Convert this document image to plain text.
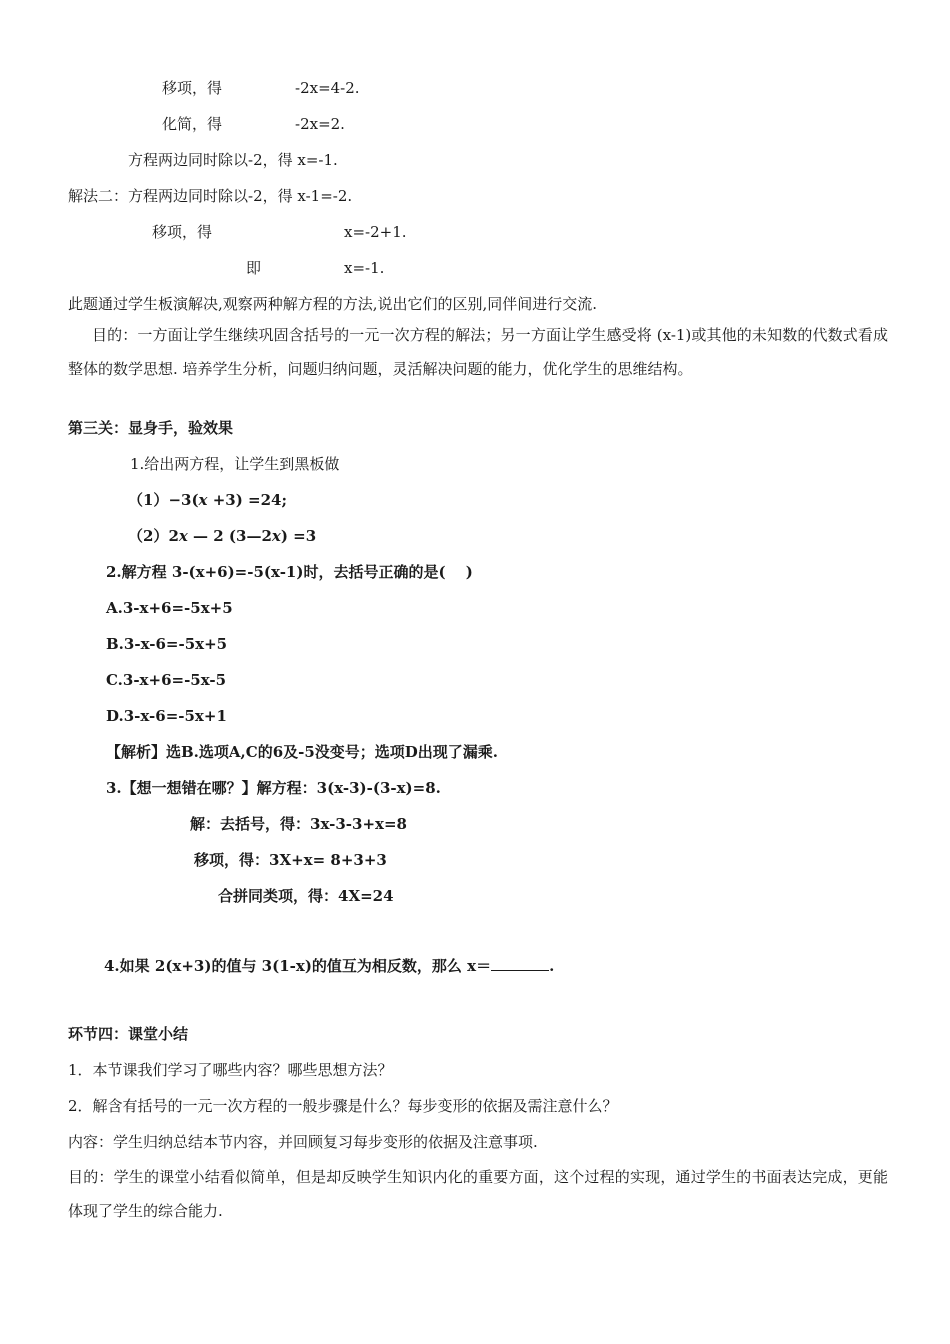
移项，得	-2x=4-2.
化简，得	-2x=2.
方程两边同时除以-2，得 x=-1.
解法二：方程两边同时除以-2，得 x-1=-2.
移项，得	x=-2+1.
即	x=-1.
此题通过学生板演解决,观察两种解方程的方法,说出它们的区别,同伴间进行交流.

目的：一方面让学生继续巩固含括号的一元一次方程的解法；另一方面让学生感受将 (x-1)或其他的未知数的代数式看成整体的数学思想. 培养学生分析，问题归纳问题，灵活解决问题的能力，优化学生的思维结构。

第三关：显身手，验效果
1.给出两方程，让学生到黑板做
（1）−3(x +3) =24;
（2）2x — 2 (3—2x) =3
2.解方程 3-(x+6)=-5(x-1)时，去括号正确的是(　 )
A.3-x+6=-5x+5
B.3-x-6=-5x+5
C.3-x+6=-5x-5
D.3-x-6=-5x+1
【解析】选B.选项A,C的6及-5没变号；选项D出现了漏乘.
3.【想一想错在哪？】解方程：3(x-3)-(3-x)=8.
解：去括号，得：3x-3-3+x=8
移项，得：3X+x= 8+3+3
合拼同类项，得：4X=24
4.如果 2(x+3)的值与 3(1-x)的值互为相反数，那么 x＝	.
环节四：课堂小结
1．本节课我们学习了哪些内容？哪些思想方法？
2．解含有括号的一元一次方程的一般步骤是什么？每步变形的依据及需注意什么？
内容：学生归纳总结本节内容，并回顾复习每步变形的依据及注意事项.

目的：学生的课堂小结看似简单，但是却反映学生知识内化的重要方面，这个过程的实现，通过学生的书面表达完成，更能体现了学生的综合能力.
